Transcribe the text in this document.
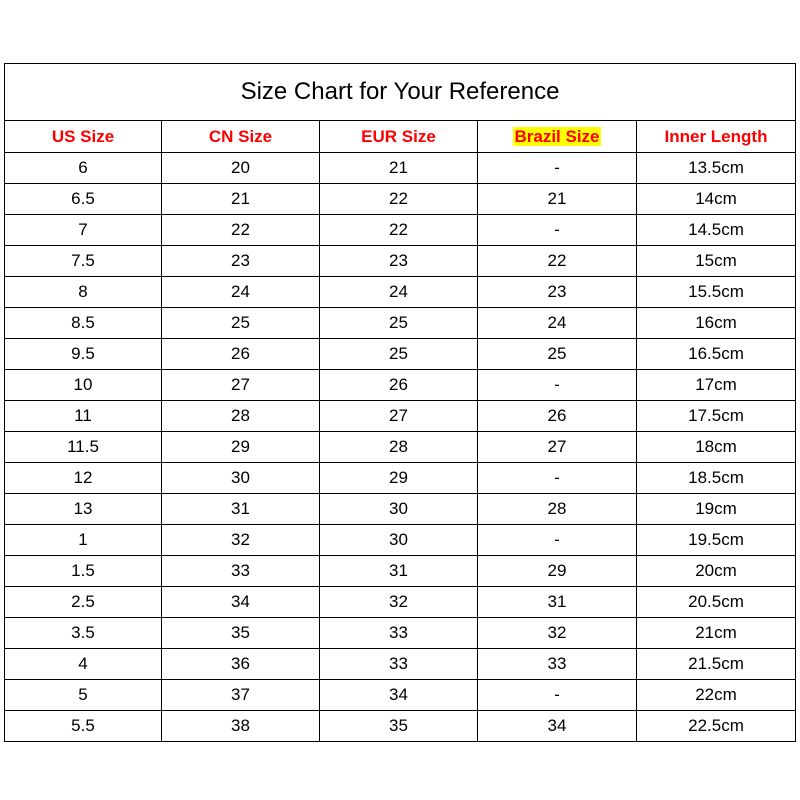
Size Chart for Your Reference				
US Size	CN Size	EUR Size	Brazil Size	Inner Length
6	20	21	-	13.5cm
6.5	21	22	21	14cm
7	22	22	-	14.5cm
7.5	23	23	22	15cm
8	24	24	23	15.5cm
8.5	25	25	24	16cm
9.5	26	25	25	16.5cm
10	27	26	-	17cm
11	28	27	26	17.5cm
11.5	29	28	27	18cm
12	30	29	-	18.5cm
13	31	30	28	19cm
1	32	30	-	19.5cm
1.5	33	31	29	20cm
2.5	34	32	31	20.5cm
3.5	35	33	32	21cm
4	36	33	33	21.5cm
5	37	34	-	22cm
5.5	38	35	34	22.5cm
